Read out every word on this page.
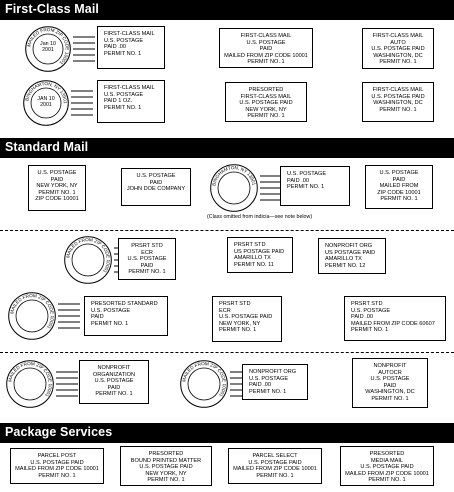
First-Class Mail
Standard Mail
Package Services
MAILED FROM ZIP CODE 10001
Jan 10
2001
FIRST-CLASS MAIL
U.S. POSTAGE
PAID .00
PERMIT NO. 1
FIRST-CLASS MAIL
U.S. POSTAGE
PAID
MAILED FROM ZIP CODE 10001
PERMIT NO. 1
FIRST-CLASS MAIL
AUTO
U.S. POSTAGE PAID
WASHINGTON, DC
PERMIT NO. 1
BINGHAMTON, NY 13901
JAN 10
2001
FIRST-CLASS MAIL
U.S. POSTAGE
PAID 1 OZ.
PERMIT NO. 1
PRESORTED
FIRST-CLASS MAIL
U.S. POSTAGE PAID
NEW YORK, NY
PERMIT NO. 1
FIRST-CLASS MAIL
U.S. POSTAGE PAID
WASHINGTON, DC
PERMIT NO. 1
U.S. POSTAGE
PAID
NEW YORK, NY
PERMIT NO. 1
ZIP CODE 10001
U.S. POSTAGE
PAID
JOHN DOE COMPANY
BINGHAMTON, NY 13901
U.S. POSTAGE
PAID .00
PERMIT NO. 1
U.S. POSTAGE
PAID
MAILED FROM
ZIP CODE 10001
PERMIT NO. 1
(Class omitted from indicia—see note below)
MAILED FROM ZIP CODE 10001
PRSRT STD
ECR
U.S. POSTAGE
PAID
PERMIT NO. 1
PRSRT STD
US POSTAGE PAID
AMARILLO TX
PERMIT NO. 11
NONPROFIT ORG
US POSTAGE PAID
AMARILLO TX
PERMIT NO. 12
MAILED FROM ZIP CODE 10001
PRESORTED STANDARD
U.S. POSTAGE
PAID
PERMIT NO. 1
PRSRT STD
ECR
U.S. POSTAGE PAID
NEW YORK, NY
PERMIT NO. 1
PRSRT STD
U.S. POSTAGE
PAID .00
MAILED FROM ZIP CODE 60607
PERMIT NO. 1
MAILED FROM ZIP CODE 10001
NONPROFIT
ORGANIZATION
U.S. POSTAGE
PAID
PERMIT NO. 1
MAILED FROM ZIP CODE 10001
NONPROFIT ORG
U.S. POSTAGE
PAID .00
PERMIT NO. 1
NONPROFIT
AUTOCR
U.S. POSTAGE
PAID
WASHINGTON, DC
PERMIT NO. 1
PARCEL POST
U.S. POSTAGE PAID
MAILED FROM ZIP CODE 10001
PERMIT NO. 1
PRESORTED
BOUND PRINTED MATTER
U.S. POSTAGE PAID
NEW YORK, NY
PERMIT NO. 1
PARCEL SELECT
U.S. POSTAGE PAID
MAILED FROM ZIP CODE 10001
PERMIT NO. 1
PRESORTED
MEDIA MAIL
U.S. POSTAGE PAID
MAILED FROM ZIP CODE 10001
PERMIT NO. 1
